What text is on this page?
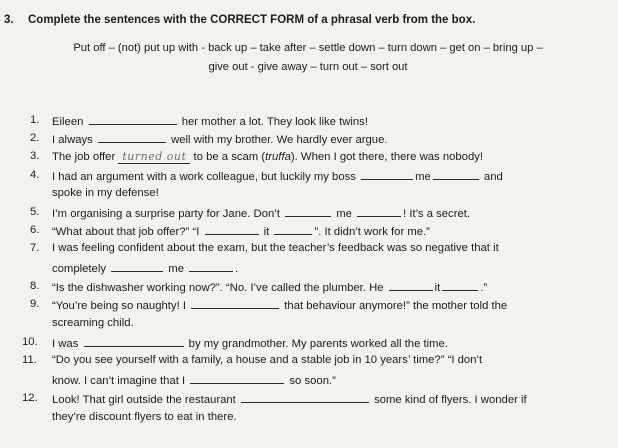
3. Complete the sentences with the CORRECT FORM of a phrasal verb from the box.
Put off – (not) put up with - back up – take after – settle down – turn down – get on – bring up –
give out - give away – turn out – sort out
1.	Eileen	her mother a lot. They look like twins!
2.	I always	well with my brother. We hardly ever argue.
3.	The job offer turned out to be a scam (truffa). When I got there, there was nobody!
4.	I had an argument with a work colleague, but luckily my boss	me	and
spoke in my defense!
5.	I’m organising a surprise party for Jane. Don’t	me	! It’s a secret.
6.	“What about that job offer?” “I	it	”. It didn’t work for me.”
7.	I was feeling confident about the exam, but the teacher’s feedback was so negative that it
completely	me	.
8.	“Is the dishwasher working now?”. “No. I’ve called the plumber. He	it	.”
9.	“You’re being so naughty! I	that behaviour anymore!” the mother told the
screaming child.
10.	I was	by my grandmother. My parents worked all the time.
11.	“Do you see yourself with a family, a house and a stable job in 10 years’ time?” “I don’t
know. I can’t imagine that I	so soon.”
12.	Look! That girl outside the restaurant	some kind of flyers. I wonder if
they’re discount flyers to eat in there.
